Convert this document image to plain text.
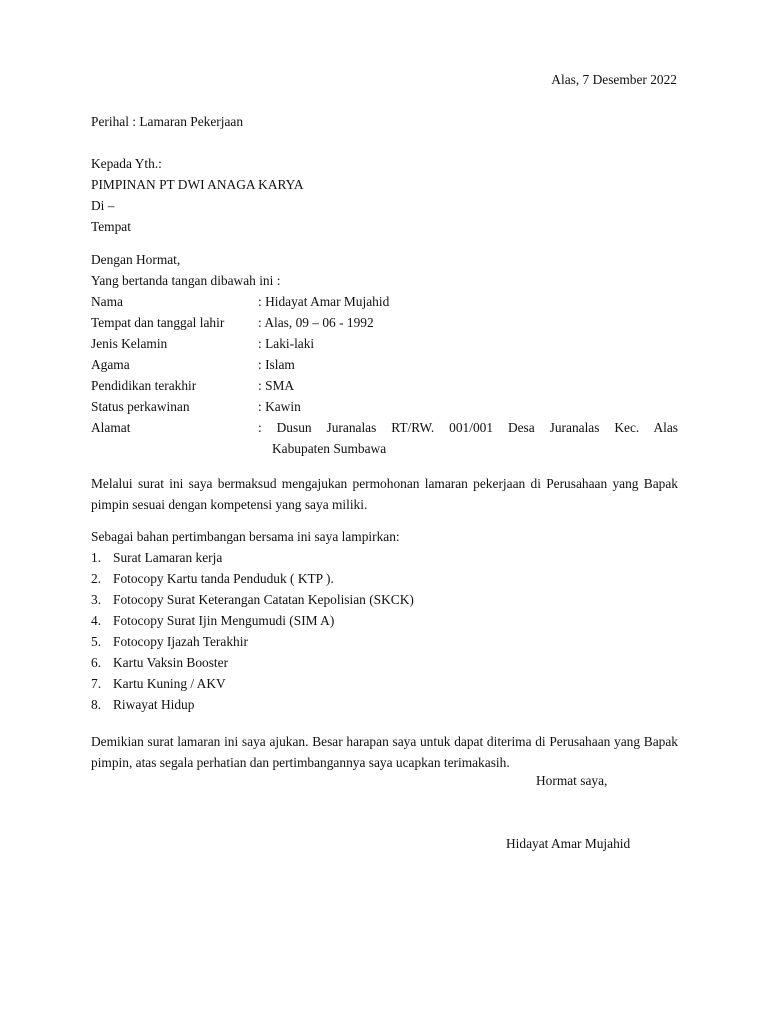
Alas, 7 Desember 2022
Perihal : Lamaran Pekerjaan
Kepada Yth.:
PIMPINAN PT DWI ANAGA KARYA
Di –
Tempat
Dengan Hormat,
Yang bertanda tangan dibawah ini :
Nama	: Hidayat Amar Mujahid
Tempat dan tanggal lahir	: Alas, 09 – 06 - 1992
Jenis Kelamin	: Laki-laki
Agama	: Islam
Pendidikan terakhir	: SMA
Status perkawinan	: Kawin
Alamat	: Dusun Juranalas RT/RW. 001/001 Desa Juranalas Kec. Alas
Kabupaten Sumbawa
Melalui surat ini saya bermaksud mengajukan permohonan lamaran pekerjaan di Perusahaan yang Bapak pimpin sesuai dengan kompetensi yang saya miliki.
Sebagai bahan pertimbangan bersama ini saya lampirkan:
1. Surat Lamaran kerja
2. Fotocopy Kartu tanda Penduduk ( KTP ).
3. Fotocopy Surat Keterangan Catatan Kepolisian (SKCK)
4. Fotocopy Surat Ijin Mengumudi (SIM A)
5. Fotocopy Ijazah Terakhir
6. Kartu Vaksin Booster
7. Kartu Kuning / AKV
8. Riwayat Hidup
Demikian surat lamaran ini saya ajukan. Besar harapan saya untuk dapat diterima di Perusahaan yang Bapak pimpin, atas segala perhatian dan pertimbangannya saya ucapkan terimakasih.
Hormat saya,
Hidayat Amar Mujahid
